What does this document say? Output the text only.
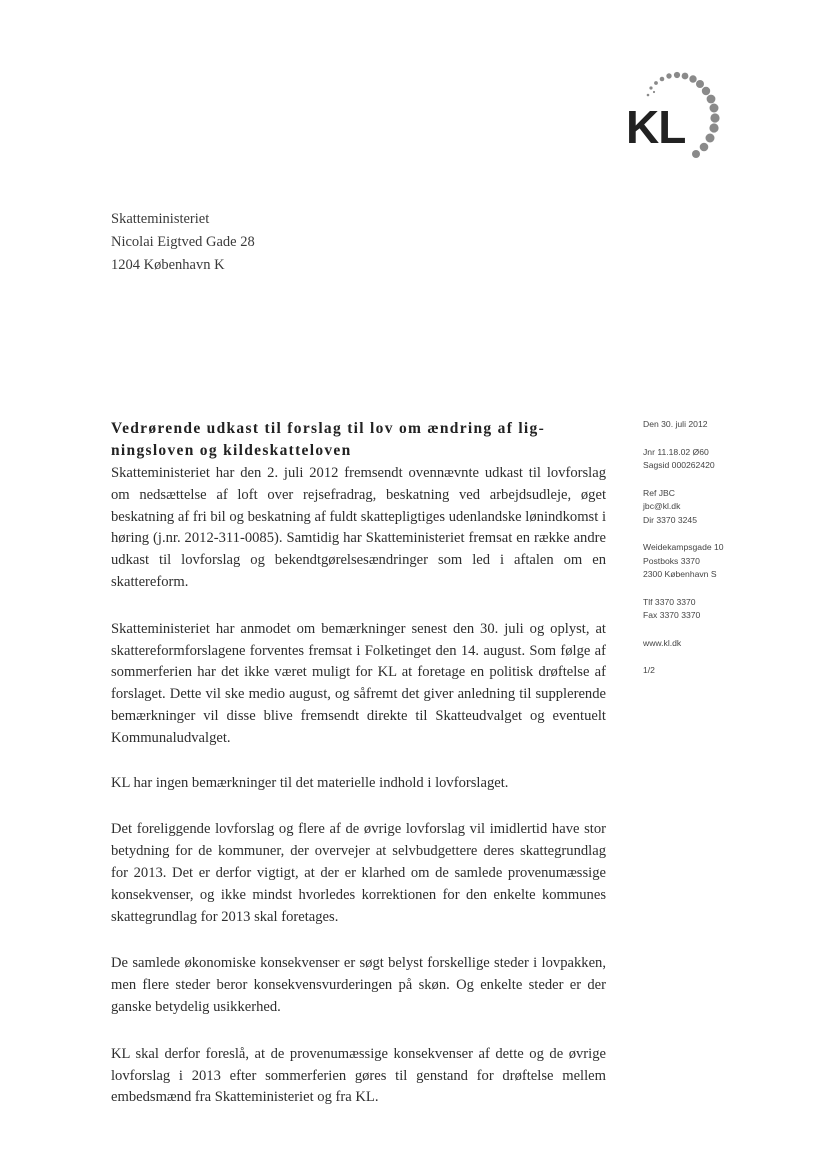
KL
Skatteministeriet
Nicolai Eigtved Gade 28
1204 København K
Vedrørende udkast til forslag til lov om ændring af lig-
ningsloven og kildeskatteloven
Den 30. juli 2012
Jnr 11.18.02 Ø60
Sagsid 000262420
Ref JBC
jbc@kl.dk
Dir 3370 3245
Weidekampsgade 10
Postboks 3370
2300 København S
Tlf 3370 3370
Fax 3370 3370
www.kl.dk
1/2

Skatteministeriet har den 2. juli 2012 fremsendt ovennævnte udkast til lovforslag om nedsættelse af loft over rejsefradrag, beskatning ved arbejdsudleje, øget beskatning af fri bil og beskatning af fuldt skattepligtiges udenlandske lønindkomst i høring (j.nr. 2012-311-0085). Samtidig har Skatteministeriet fremsat en række andre udkast til lovforslag og bekendtgørelsesændringer som led i aftalen om en skattereform.

Skatteministeriet har anmodet om bemærkninger senest den 30. juli og oplyst, at skattereformforslagene forventes fremsat i Folketinget den 14. august. Som følge af sommerferien har det ikke været muligt for KL at foretage en politisk drøftelse af forslaget. Dette vil ske medio august, og såfremt det giver anledning til supplerende bemærkninger vil disse blive fremsendt direkte til Skatteudvalget og eventuelt Kommunaludvalget.

KL har ingen bemærkninger til det materielle indhold i lovforslaget.

Det foreliggende lovforslag og flere af de øvrige lovforslag vil imidlertid have stor betydning for de kommuner, der overvejer at selvbudgettere deres skattegrundlag for 2013. Det er derfor vigtigt, at der er klarhed om de samlede provenumæssige konsekvenser, og ikke mindst hvorledes korrektionen for den enkelte kommunes skattegrundlag for 2013 skal foretages.

De samlede økonomiske konsekvenser er søgt belyst forskellige steder i lovpakken, men flere steder beror konsekvensvurderingen på skøn. Og enkelte steder er der ganske betydelig usikkerhed.

KL skal derfor foreslå, at de provenumæssige konsekvenser af dette og de øvrige lovforslag i 2013 efter sommerferien gøres til genstand for drøftelse mellem embedsmænd fra Skatteministeriet og fra KL.
